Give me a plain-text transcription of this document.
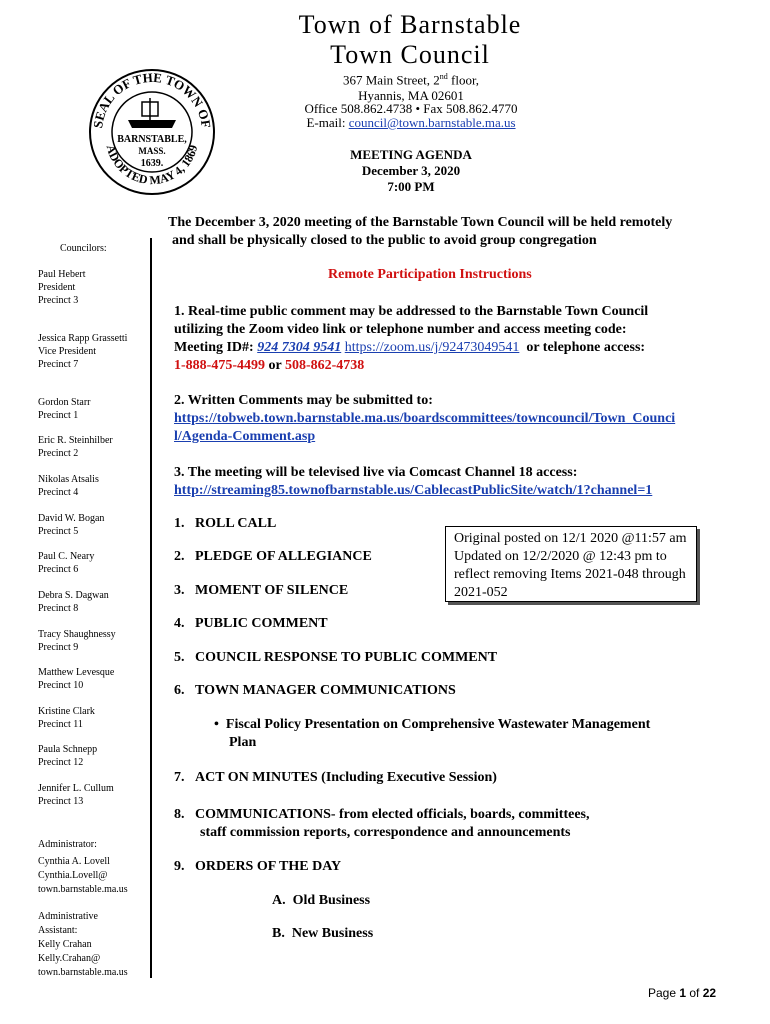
Town of Barnstable
Town Council
367 Main Street, 2nd floor,
Hyannis, MA 02601
Office 508.862.4738 • Fax 508.862.4770
E-mail: council@town.barnstable.ma.us
SEAL OF THE TOWN OF
ADOPTED MAY 4, 1869
BARNSTABLE,
MASS.
1639.
MEETING AGENDA
December 3, 2020
7:00 PM
The December 3, 2020 meeting of the Barnstable Town Council will be held remotely
and shall be physically closed to the public to avoid group congregation
Councilors:
Paul Hebert
President
Precinct 3
Jessica Rapp Grassetti
Vice President
Precinct 7
Gordon Starr
Precinct 1
Eric R. Steinhilber
Precinct 2
Nikolas Atsalis
Precinct 4
David W. Bogan
Precinct 5
Paul C. Neary
Precinct 6
Debra S. Dagwan
Precinct 8
Tracy Shaughnessy
Precinct 9
Matthew Levesque
Precinct 10
Kristine Clark
Precinct 11
Paula Schnepp
Precinct 12
Jennifer L. Cullum
Precinct 13
Administrator:
Cynthia A. Lovell
Cynthia.Lovell@
town.barnstable.ma.us
Administrative
Assistant:
Kelly Crahan
Kelly.Crahan@
town.barnstable.ma.us
Remote Participation Instructions
1. Real-time public comment may be addressed to the Barnstable Town Council
utilizing the Zoom video link or telephone number and access meeting code:
Meeting ID#: 924 7304 9541 https://zoom.us/j/92473049541  or telephone access:
1-888-475-4499 or 508-862-4738
2. Written Comments may be submitted to:
https://tobweb.town.barnstable.ma.us/boardscommittees/towncouncil/Town_Counci
l/Agenda-Comment.asp
3. The meeting will be televised live via Comcast Channel 18 access:
http://streaming85.townofbarnstable.us/CablecastPublicSite/watch/1?channel=1
Original posted on 12/1 2020 @11:57 am Updated on 12/2/2020 @ 12:43 pm to reflect removing Items 2021-048 through 2021-052
1. ROLL CALL
2. PLEDGE OF ALLEGIANCE
3. MOMENT OF SILENCE
4. PUBLIC COMMENT
5. COUNCIL RESPONSE TO PUBLIC COMMENT
6. TOWN MANAGER COMMUNICATIONS
• Fiscal Policy Presentation on Comprehensive Wastewater Management
Plan
7. ACT ON MINUTES (Including Executive Session)
8. COMMUNICATIONS- from elected officials, boards, committees,
staff commission reports, correspondence and announcements
9. ORDERS OF THE DAY
A. Old Business
B. New Business
Page 1 of 22
